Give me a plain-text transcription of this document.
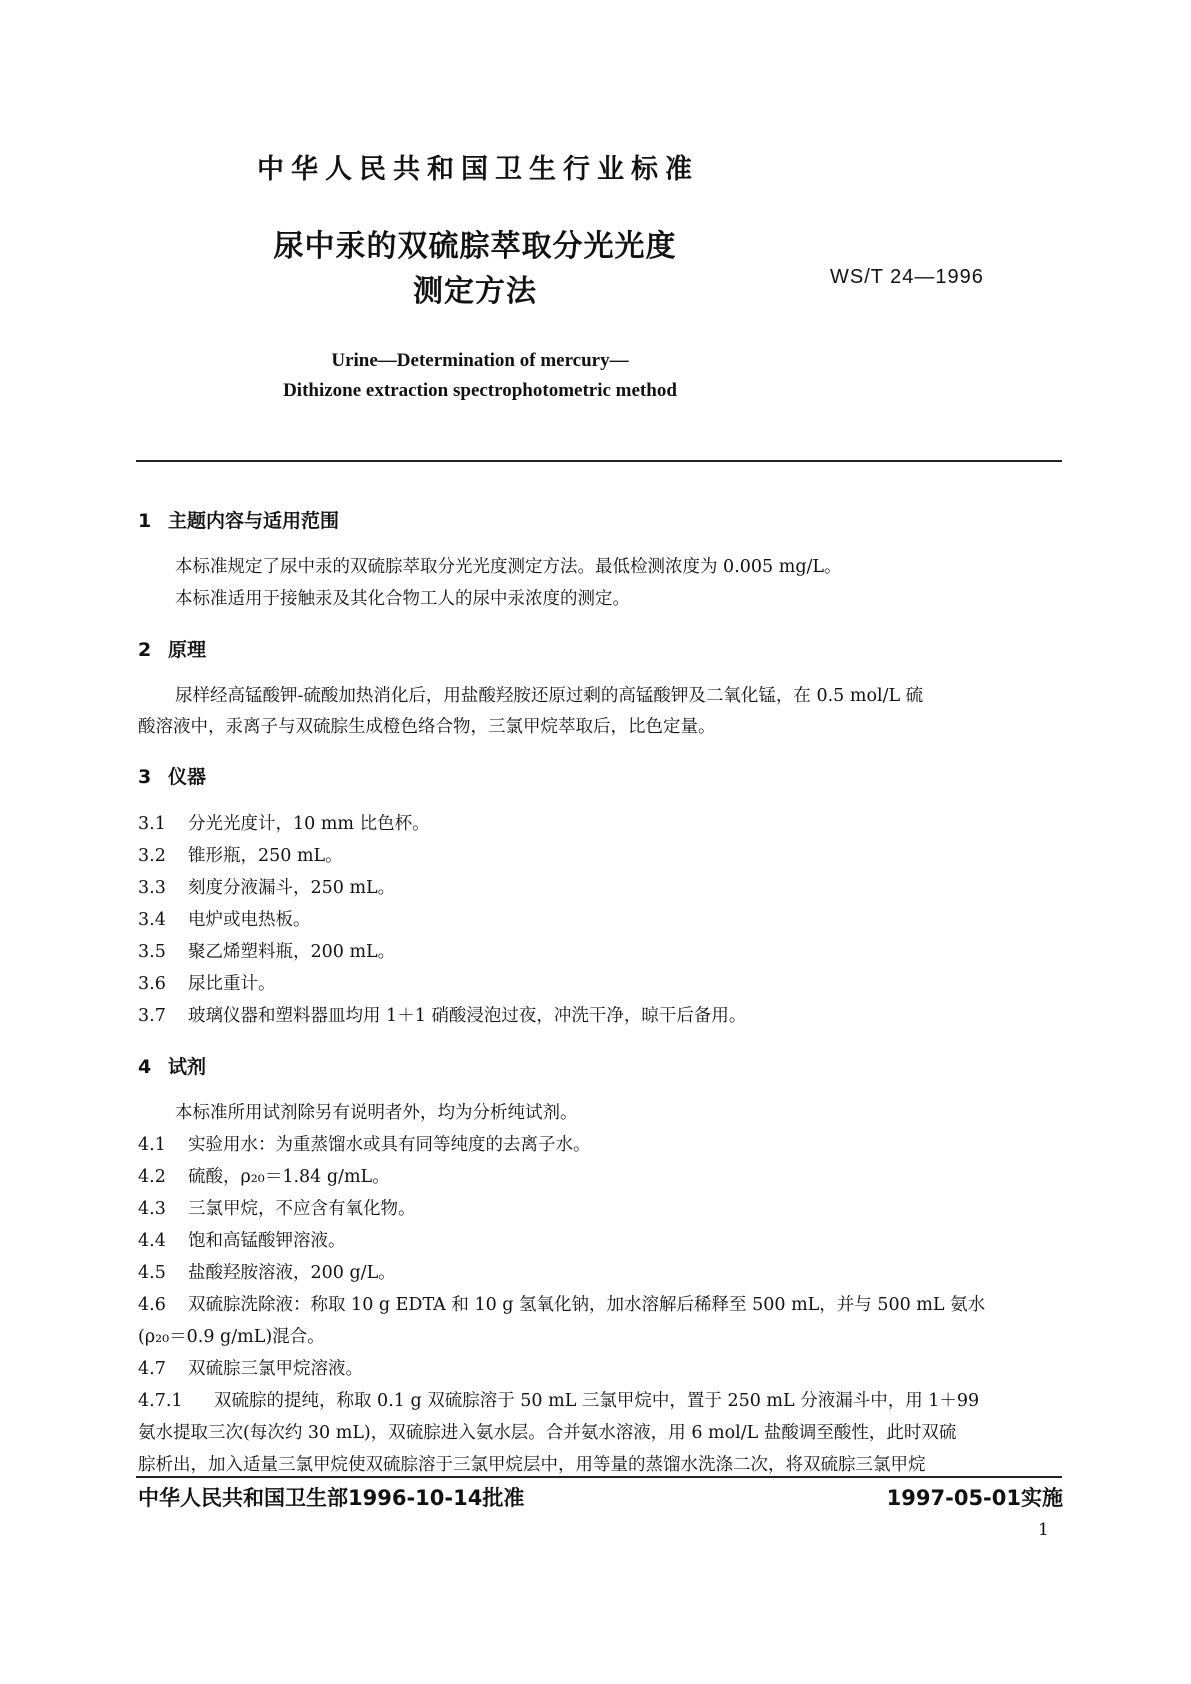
中华人民共和国卫生行业标准
尿中汞的双硫腙萃取分光光度
测定方法	WS/T 24—1996
Urine—Determination of mercury—
Dithizone extraction spectrophotometric method
1 主题内容与适用范围
本标准规定了尿中汞的双硫腙萃取分光光度测定方法。最低检测浓度为 0.005 mg/L。
本标准适用于接触汞及其化合物工人的尿中汞浓度的测定。
2 原理
尿样经高锰酸钾-硫酸加热消化后，用盐酸羟胺还原过剩的高锰酸钾及二氧化锰，在 0.5 mol/L 硫
酸溶液中，汞离子与双硫腙生成橙色络合物，三氯甲烷萃取后，比色定量。
3 仪器
3.1 分光光度计，10 mm 比色杯。
3.2 锥形瓶，250 mL。
3.3 刻度分液漏斗，250 mL。
3.4 电炉或电热板。
3.5 聚乙烯塑料瓶，200 mL。
3.6 尿比重计。
3.7 玻璃仪器和塑料器皿均用 1＋1 硝酸浸泡过夜，冲洗干净，晾干后备用。
4 试剂
本标准所用试剂除另有说明者外，均为分析纯试剂。
4.1 实验用水：为重蒸馏水或具有同等纯度的去离子水。
4.2 硫酸，ρ₂₀＝1.84 g/mL。
4.3 三氯甲烷，不应含有氧化物。
4.4 饱和高锰酸钾溶液。
4.5 盐酸羟胺溶液，200 g/L。
4.6 双硫腙洗除液：称取 10 g EDTA 和 10 g 氢氧化钠，加水溶解后稀释至 500 mL，并与 500 mL 氨水
(ρ₂₀＝0.9 g/mL)混合。
4.7 双硫腙三氯甲烷溶液。
4.7.1 双硫腙的提纯，称取 0.1 g 双硫腙溶于 50 mL 三氯甲烷中，置于 250 mL 分液漏斗中，用 1＋99
氨水提取三次(每次约 30 mL)，双硫腙进入氨水层。合并氨水溶液，用 6 mol/L 盐酸调至酸性，此时双硫
腙析出，加入适量三氯甲烷使双硫腙溶于三氯甲烷层中，用等量的蒸馏水洗涤二次，将双硫腙三氯甲烷
中华人民共和国卫生部1996-10-14批准	1997-05-01实施
1
